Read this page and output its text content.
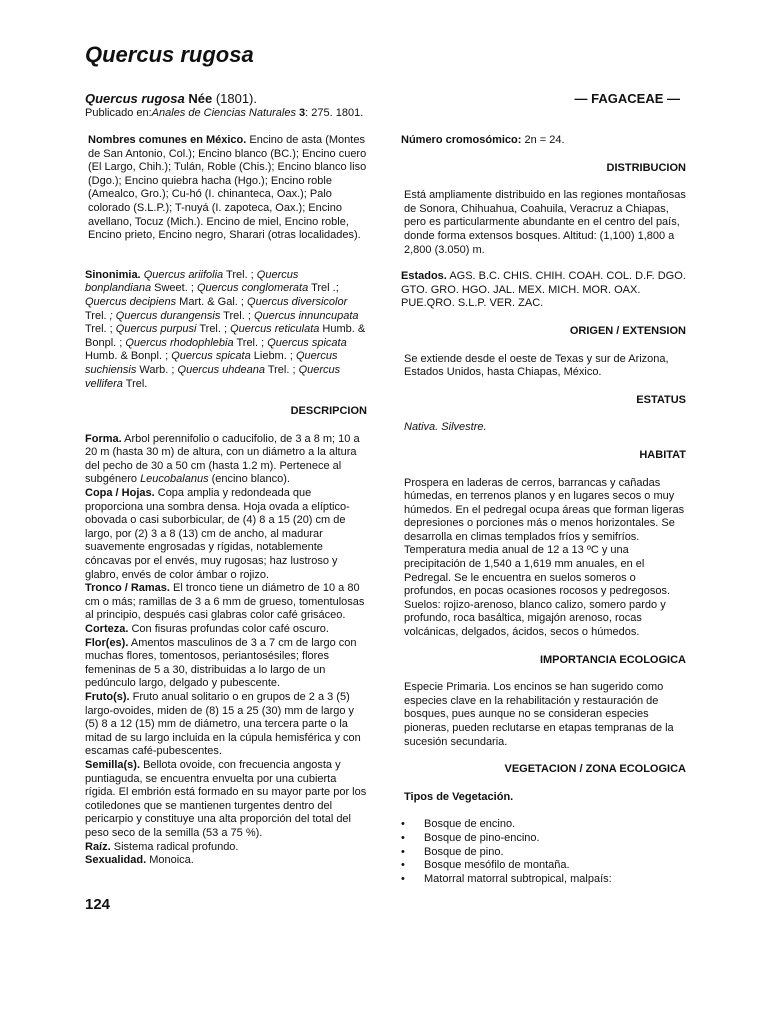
Quercus rugosa
Quercus rugosa Née (1801).	— FAGACEAE —
Publicado en:Anales de Ciencias Naturales 3: 275. 1801.

Nombres comunes en México. Encino de asta (Montes de San Antonio, Col.); Encino blanco (BC.); Encino cuero (El Largo, Chih.); Tulán, Roble (Chis.); Encino blanco liso (Dgo.); Encino quiebra hacha (Hgo.); Encino roble (Amealco, Gro.); Cu-hó (I. chinanteca, Oax.); Palo colorado (S.L.P.); T-nuyá (I. zapoteca, Oax.); Encino avellano, Tocuz (Mich.). Encino de miel, Encino roble, Encino prieto, Encino negro, Sharari (otras localidades).

Sinonimia. Quercus ariifolia Trel. ; Quercus bonplandiana Sweet. ; Quercus conglomerata Trel .; Quercus decipiens Mart. & Gal. ; Quercus diversicolor Trel. ; Quercus durangensis Trel. ; Quercus innuncupata Trel. ; Quercus purpusi Trel. ; Quercus reticulata Humb. & Bonpl. ; Quercus rhodophlebia Trel. ; Quercus spicata Humb. & Bonpl. ; Quercus spicata Liebm. ; Quercus suchiensis Warb. ; Quercus uhdeana Trel. ; Quercus vellifera Trel.

DESCRIPCION
Forma. Arbol perennifolio o caducifolio, de 3 a 8 m; 10 a 20 m (hasta 30 m) de altura, con un diámetro a la altura del pecho de 30 a 50 cm (hasta 1.2 m). Pertenece al subgénero Leucobalanus (encino blanco).
Copa / Hojas. Copa amplia y redondeada que proporciona una sombra densa. Hoja ovada a elíptico-obovada o casi suborbicular, de (4) 8 a 15 (20) cm de largo, por (2) 3 a 8 (13) cm de ancho, al madurar suavemente engrosadas y rígidas, notablemente cóncavas por el envés, muy rugosas; haz lustroso y glabro, envés de color ámbar o rojizo.
Tronco / Ramas. El tronco tiene un diámetro de 10 a 80 cm o más; ramillas de 3 a 6 mm de grueso, tomentulosas al principio, después casi glabras color café grisáceo.
Corteza. Con fisuras profundas color café oscuro.
Flor(es). Amentos masculinos de 3 a 7 cm de largo con muchas flores, tomentosos, periantosésiles; flores femeninas de 5 a 30, distribuidas a lo largo de un pedúnculo largo, delgado y pubescente.
Fruto(s). Fruto anual solitario o en grupos de 2 a 3 (5) largo-ovoides, miden de (8) 15 a 25 (30) mm de largo y (5) 8 a 12 (15) mm de diámetro, una tercera parte o la mitad de su largo incluida en la cúpula hemisférica y con escamas café-pubescentes.
Semilla(s). Bellota ovoide, con frecuencia angosta y puntiaguda, se encuentra envuelta por una cubierta rígida. El embrión está formado en su mayor parte por los cotiledones que se mantienen turgentes dentro del pericarpio y constituye una alta proporción del total del peso seco de la semilla (53 a 75 %).
Raíz. Sistema radical profundo.
Sexualidad. Monoica.
Número cromosómico: 2n = 24.
DISTRIBUCION

Está ampliamente distribuido en las regiones montañosas de Sonora, Chihuahua, Coahuila, Veracruz a Chiapas, pero es particularmente abundante en el centro del país, donde forma extensos bosques. Altitud: (1,100) 1,800 a 2,800 (3.050) m.

Estados. AGS. B.C. CHIS. CHIH. COAH. COL. D.F. DGO. GTO. GRO. HGO. JAL. MEX. MICH. MOR. OAX. PUE.QRO. S.L.P. VER. ZAC.

ORIGEN / EXTENSION

Se extiende desde el oeste de Texas y sur de Arizona, Estados Unidos, hasta Chiapas, México.

ESTATUS

Nativa. Silvestre.

HABITAT

Prospera en laderas de cerros, barrancas y cañadas húmedas, en terrenos planos y en lugares secos o muy húmedos. En el pedregal ocupa áreas que forman ligeras depresiones o porciones más o menos horizontales. Se desarrolla en climas templados fríos y semifríos. Temperatura media anual de 12 a 13 ºC y una precipitación de 1,540 a 1,619 mm anuales, en el Pedregal. Se le encuentra en suelos someros o profundos, en pocas ocasiones rocosos y pedregosos. Suelos: rojizo-arenoso, blanco calizo, somero pardo y profundo, roca basáltica, migajón arenoso, rocas volcánicas, delgados, ácidos, secos o húmedos.

IMPORTANCIA ECOLOGICA

Especie Primaria. Los encinos se han sugerido como especies clave en la rehabilitación y restauración de bosques, pues aunque no se consideran especies pioneras, pueden reclutarse en etapas tempranas de la sucesión secundaria.

VEGETACION / ZONA ECOLOGICA
Tipos de Vegetación.
• Bosque de encino.
• Bosque de pino-encino.
• Bosque de pino.
• Bosque mesófilo de montaña.
• Matorral matorral subtropical, malpaís:
124
